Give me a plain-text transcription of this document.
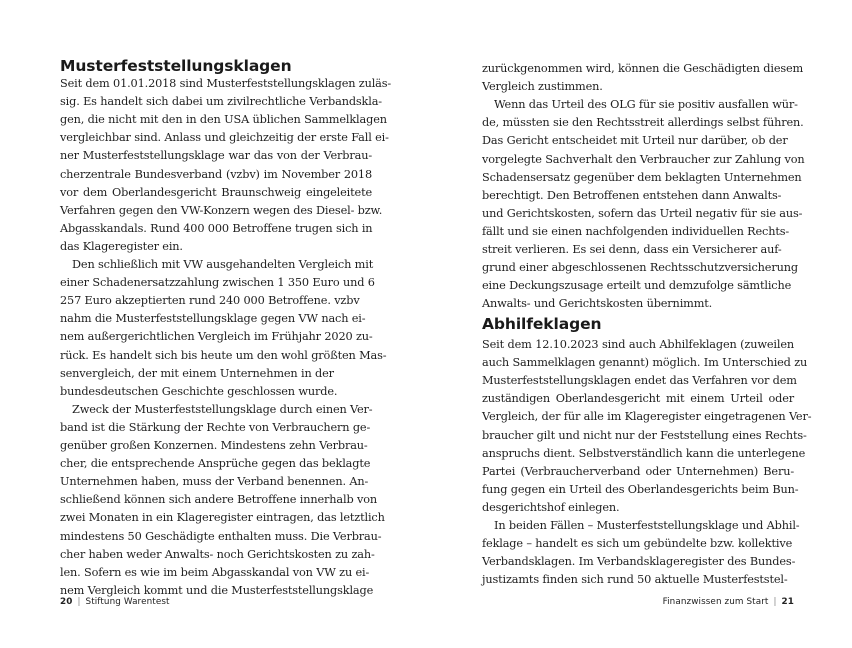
Musterfeststellungsklagen
Seit dem 01.01.2018 sind Musterfeststellungsklagen zuläs-
sig. Es handelt sich dabei um zivilrechtliche Verbandskla-
gen, die nicht mit den in den USA üblichen Sammelklagen
vergleichbar sind. Anlass und gleichzeitig der erste Fall ei-
ner Musterfeststellungsklage war das von der Verbrau-
cherzentrale Bundesverband (vzbv) im November 2018
vor dem Oberlandesgericht Braunschweig eingeleitete
Verfahren gegen den VW-Konzern wegen des Diesel- bzw.
Abgasskandals. Rund 400 000 Betroffene trugen sich in
das Klageregister ein.
Den schließlich mit VW ausgehandelten Vergleich mit
einer Schadenersatzzahlung zwischen 1 350 Euro und 6
257 Euro akzeptierten rund 240 000 Betroffene. vzbv
nahm die Musterfeststellungsklage gegen VW nach ei-
nem außergerichtlichen Vergleich im Frühjahr 2020 zu-
rück. Es handelt sich bis heute um den wohl größten Mas-
senvergleich, der mit einem Unternehmen in der
bundesdeutschen Geschichte geschlossen wurde.
Zweck der Musterfeststellungsklage durch einen Ver-
band ist die Stärkung der Rechte von Verbrauchern ge-
genüber großen Konzernen. Mindestens zehn Verbrau-
cher, die entsprechende Ansprüche gegen das beklagte
Unternehmen haben, muss der Verband benennen. An-
schließend können sich andere Betroffene innerhalb von
zwei Monaten in ein Klageregister eintragen, das letztlich
mindestens 50 Geschädigte enthalten muss. Die Verbrau-
cher haben weder Anwalts- noch Gerichtskosten zu zah-
len. Sofern es wie im beim Abgasskandal von VW zu ei-
nem Vergleich kommt und die Musterfeststellungsklage
Abhilfeklagen
zurückgenommen wird, können die Geschädigten diesem
Vergleich zustimmen.
Wenn das Urteil des OLG für sie positiv ausfallen wür-
de, müssten sie den Rechtsstreit allerdings selbst führen.
Das Gericht entscheidet mit Urteil nur darüber, ob der
vorgelegte Sachverhalt den Verbraucher zur Zahlung von
Schadensersatz gegenüber dem beklagten Unternehmen
berechtigt. Den Betroffenen entstehen dann Anwalts-
und Gerichtskosten, sofern das Urteil negativ für sie aus-
fällt und sie einen nachfolgenden individuellen Rechts-
streit verlieren. Es sei denn, dass ein Versicherer auf-
grund einer abgeschlossenen Rechtsschutzversicherung
eine Deckungszusage erteilt und demzufolge sämtliche
Anwalts- und Gerichtskosten übernimmt.
Seit dem 12.10.2023 sind auch Abhilfeklagen (zuweilen
auch Sammelklagen genannt) möglich. Im Unterschied zu
Musterfeststellungsklagen endet das Verfahren vor dem
zuständigen Oberlandesgericht mit einem Urteil oder
Vergleich, der für alle im Klageregister eingetragenen Ver-
braucher gilt und nicht nur der Feststellung eines Rechts-
anspruchs dient. Selbstverständlich kann die unterlegene
Partei (Verbraucherverband oder Unternehmen) Beru-
fung gegen ein Urteil des Oberlandesgerichts beim Bun-
desgerichtshof einlegen.
In beiden Fällen – Musterfeststellungsklage und Abhil-
feklage – handelt es sich um gebündelte bzw. kollektive
Verbandsklagen. Im Verbandsklageregister des Bundes-
justizamts finden sich rund 50 aktuelle Musterfeststel-
20 | Stiftung Warentest	Finanzwissen zum Start | 21
